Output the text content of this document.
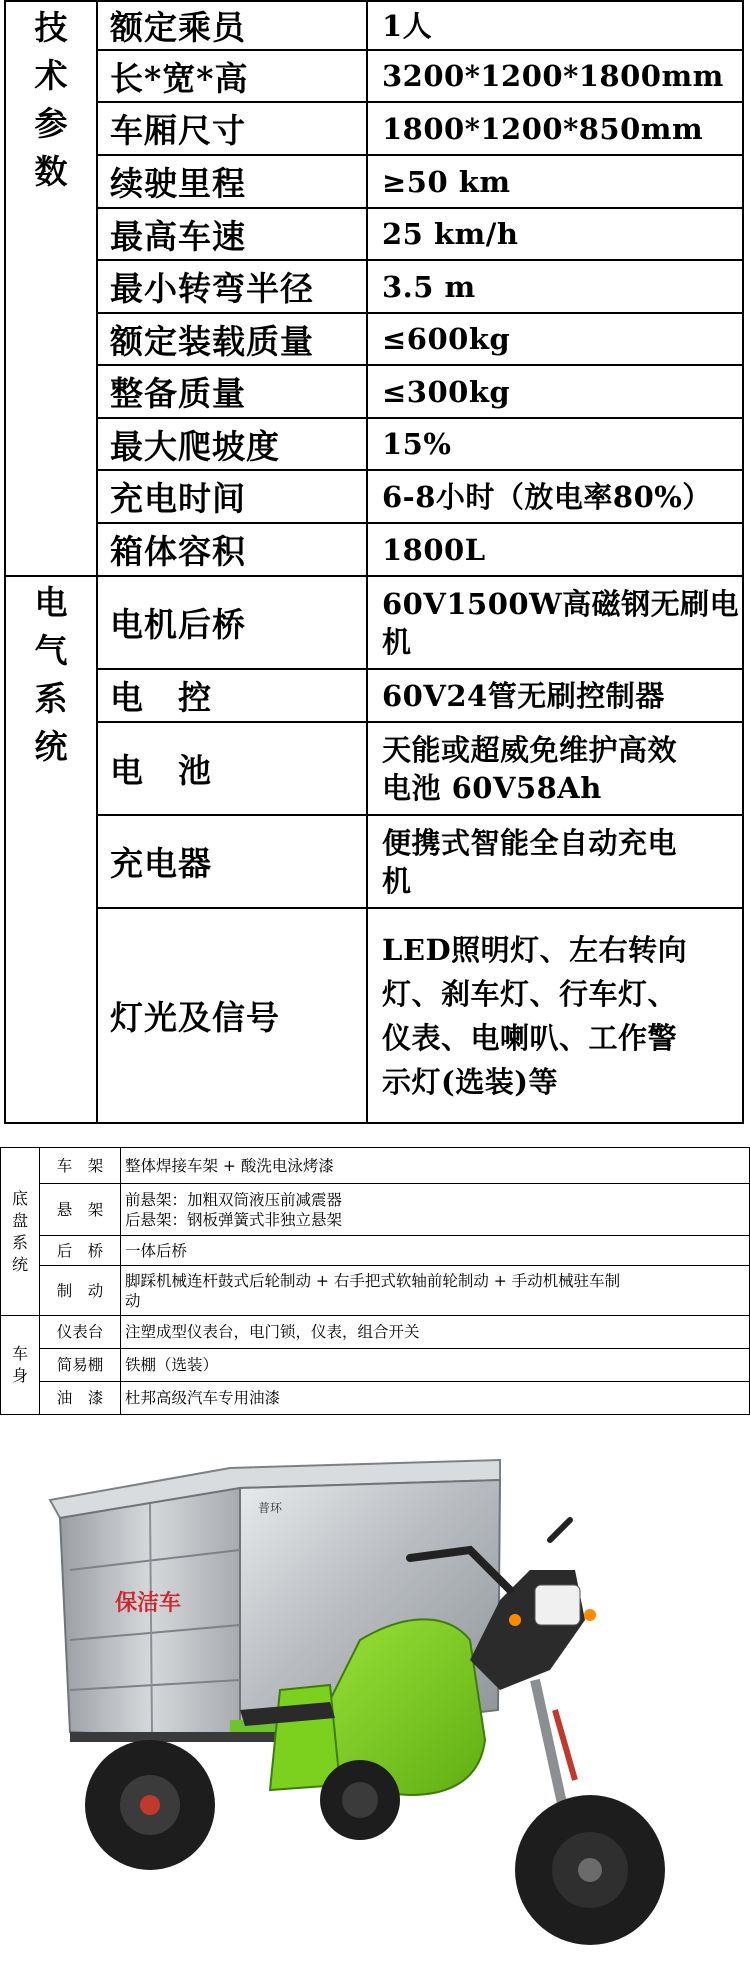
技
术
参
数	额定乘员	1人

	长*宽*高	3200*1200*1800mm

	车厢尺寸	1800*1200*850mm

	续驶里程	≥50 km

	最高车速	25 km/h

	最小转弯半径	3.5 m

	额定装载质量	≤600kg

	整备质量	≤300kg

	最大爬坡度	15%

	充电时间	6-8小时（放电率80%）

	箱体容积	1800L

电
气
系
统	电机后桥	60V1500W高磁钢无刷电
机

	电　控	60V24管无刷控制器

	电　池	天能或超威免维护高效
电池 60V58Ah

	充电器	便携式智能全自动充电
机

	灯光及信号	LED照明灯、左右转向
灯、刹车灯、行车灯、
仪表、电喇叭、工作警
示灯(选装)等
底
盘
系
统	车　架	整体焊接车架 + 酸洗电泳烤漆

	悬　架	前悬架：加粗双筒液压前减震器
后悬架：钢板弹簧式非独立悬架

	后　桥	一体后桥

	制　动	脚踩机械连杆鼓式后轮制动 + 右手把式软轴前轮制动 + 手动机械驻车制
动

车
身	仪表台	注塑成型仪表台，电门锁，仪表，组合开关

	简易棚	铁棚（选装）

	油　漆	杜邦高级汽车专用油漆
保洁车
普环
